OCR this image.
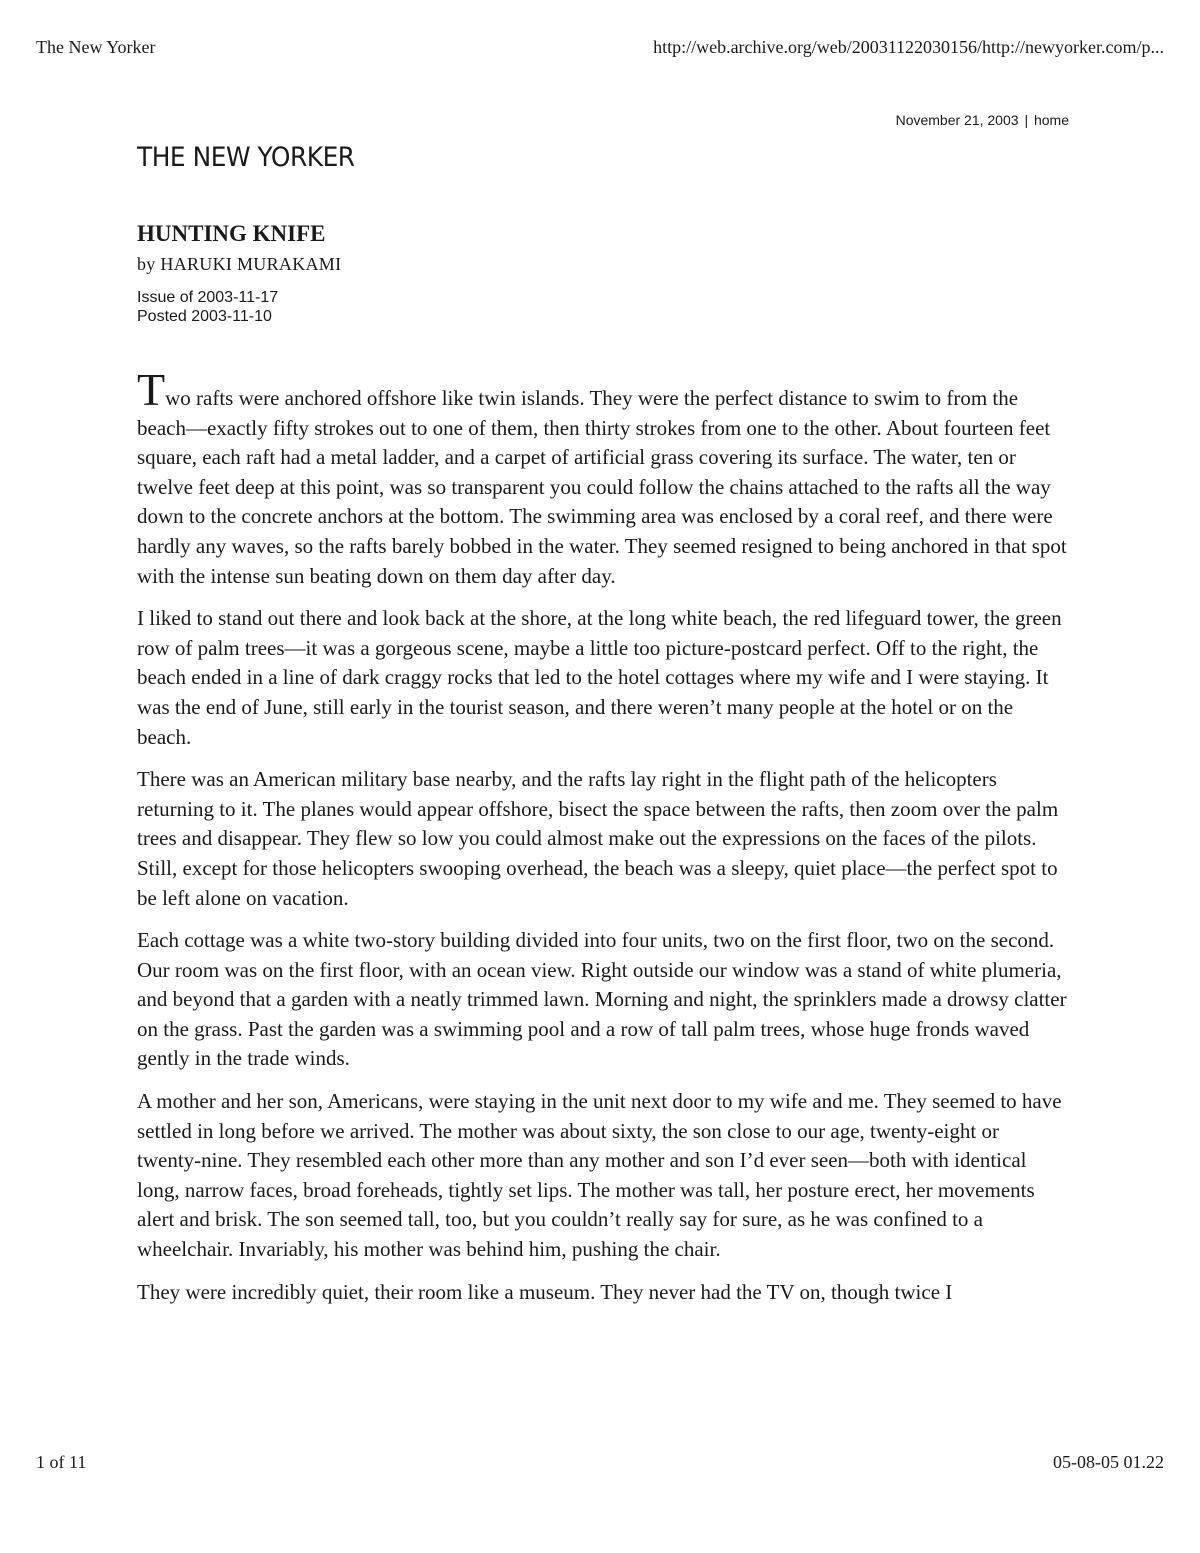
The New Yorker	http://web.archive.org/web/20031122030156/http://newyorker.com/p...
November 21, 2003 | home
THE NEW YORKER
HUNTING KNIFE
by HARUKI MURAKAMI
Issue of 2003-11-17
Posted 2003-11-10

Two rafts were anchored offshore like twin islands. They were the perfect distance to swim to from the beach—exactly fifty strokes out to one of them, then thirty strokes from one to the other. About fourteen feet square, each raft had a metal ladder, and a carpet of artificial grass covering its surface. The water, ten or twelve feet deep at this point, was so transparent you could follow the chains attached to the rafts all the way down to the concrete anchors at the bottom. The swimming area was enclosed by a coral reef, and there were hardly any waves, so the rafts barely bobbed in the water. They seemed resigned to being anchored in that spot with the intense sun beating down on them day after day.

I liked to stand out there and look back at the shore, at the long white beach, the red lifeguard tower, the green row of palm trees—it was a gorgeous scene, maybe a little too picture-postcard perfect. Off to the right, the beach ended in a line of dark craggy rocks that led to the hotel cottages where my wife and I were staying. It was the end of June, still early in the tourist season, and there weren’t many people at the hotel or on the beach.

There was an American military base nearby, and the rafts lay right in the flight path of the helicopters returning to it. The planes would appear offshore, bisect the space between the rafts, then zoom over the palm trees and disappear. They flew so low you could almost make out the expressions on the faces of the pilots. Still, except for those helicopters swooping overhead, the beach was a sleepy, quiet place—the perfect spot to be left alone on vacation.

Each cottage was a white two-story building divided into four units, two on the first floor, two on the second. Our room was on the first floor, with an ocean view. Right outside our window was a stand of white plumeria, and beyond that a garden with a neatly trimmed lawn. Morning and night, the sprinklers made a drowsy clatter on the grass. Past the garden was a swimming pool and a row of tall palm trees, whose huge fronds waved gently in the trade winds.

A mother and her son, Americans, were staying in the unit next door to my wife and me. They seemed to have settled in long before we arrived. The mother was about sixty, the son close to our age, twenty-eight or twenty-nine. They resembled each other more than any mother and son I’d ever seen—both with identical long, narrow faces, broad foreheads, tightly set lips. The mother was tall, her posture erect, her movements alert and brisk. The son seemed tall, too, but you couldn’t really say for sure, as he was confined to a wheelchair. Invariably, his mother was behind him, pushing the chair.

They were incredibly quiet, their room like a museum. They never had the TV on, though twice I

1 of 11	05-08-05 01.22
